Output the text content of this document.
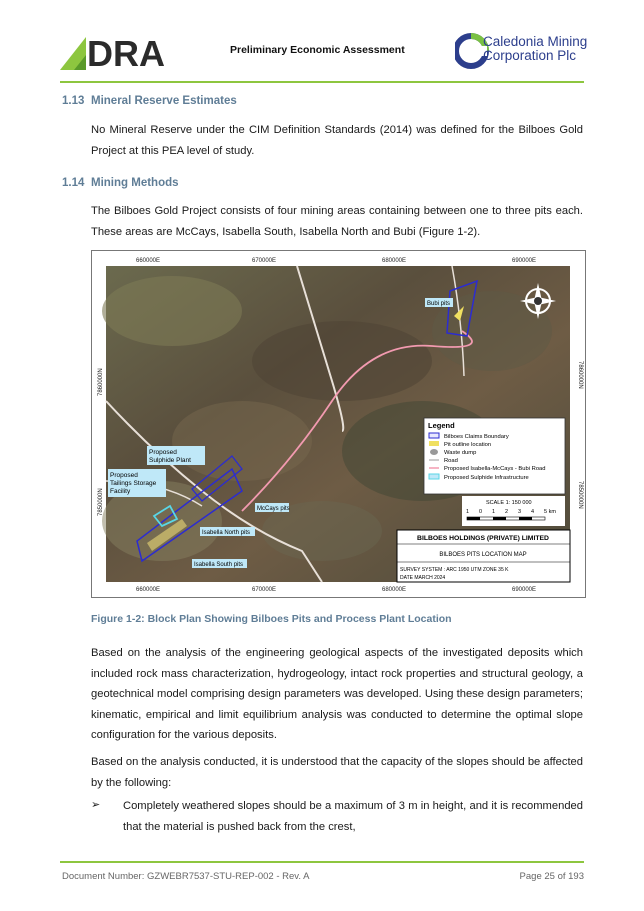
DRA	Preliminary Economic Assessment
Caledonia Mining
Corporation Plc
1.13 Mineral Reserve Estimates
No Mineral Reserve under the CIM Definition Standards (2014) was defined for the Bilboes Gold Project at this PEA level of study.
1.14 Mining Methods
The Bilboes Gold Project consists of four mining areas containing between one to three pits each. These areas are McCays, Isabella South, Isabella North and Bubi (Figure 1-2).
660000E	670000E	680000E	690000E
660000E	670000E	680000E	690000E
7860000N
7850000N
7860000N
7850000N
Bubi pits
Proposed
Sulphide Plant
Proposed
Tailings Storage
Facility
McCays pits
Isabella North pits
Isabella South pits
Legend
Bilboes Claims Boundary
Pit outline location
Waste dump
Road
Proposed Isabella-McCays - Bubi Road
Proposed Sulphide Infrastructure
SCALE 1: 150 000
1 0 1 2 3 4 5 km
BILBOES HOLDINGS (PRIVATE) LIMITED
BILBOES PITS LOCATION MAP
SURVEY SYSTEM : ARC 1950 UTM ZONE 35 K
DATE MARCH 2024
Figure 1-2: Block Plan Showing Bilboes Pits and Process Plant Location
Based on the analysis of the engineering geological aspects of the investigated deposits which included rock mass characterization, hydrogeology, intact rock properties and structural geology, a geotechnical model comprising design parameters was developed. Using these design parameters; kinematic, empirical and limit equilibrium analysis was conducted to determine the optimal slope configuration for the various deposits.
Based on the analysis conducted, it is understood that the capacity of the slopes should be affected by the following:
➢ Completely weathered slopes should be a maximum of 3 m in height, and it is recommended that the material is pushed back from the crest,
Document Number: GZWEBR7537-STU-REP-002 - Rev. A	Page 25 of 193
